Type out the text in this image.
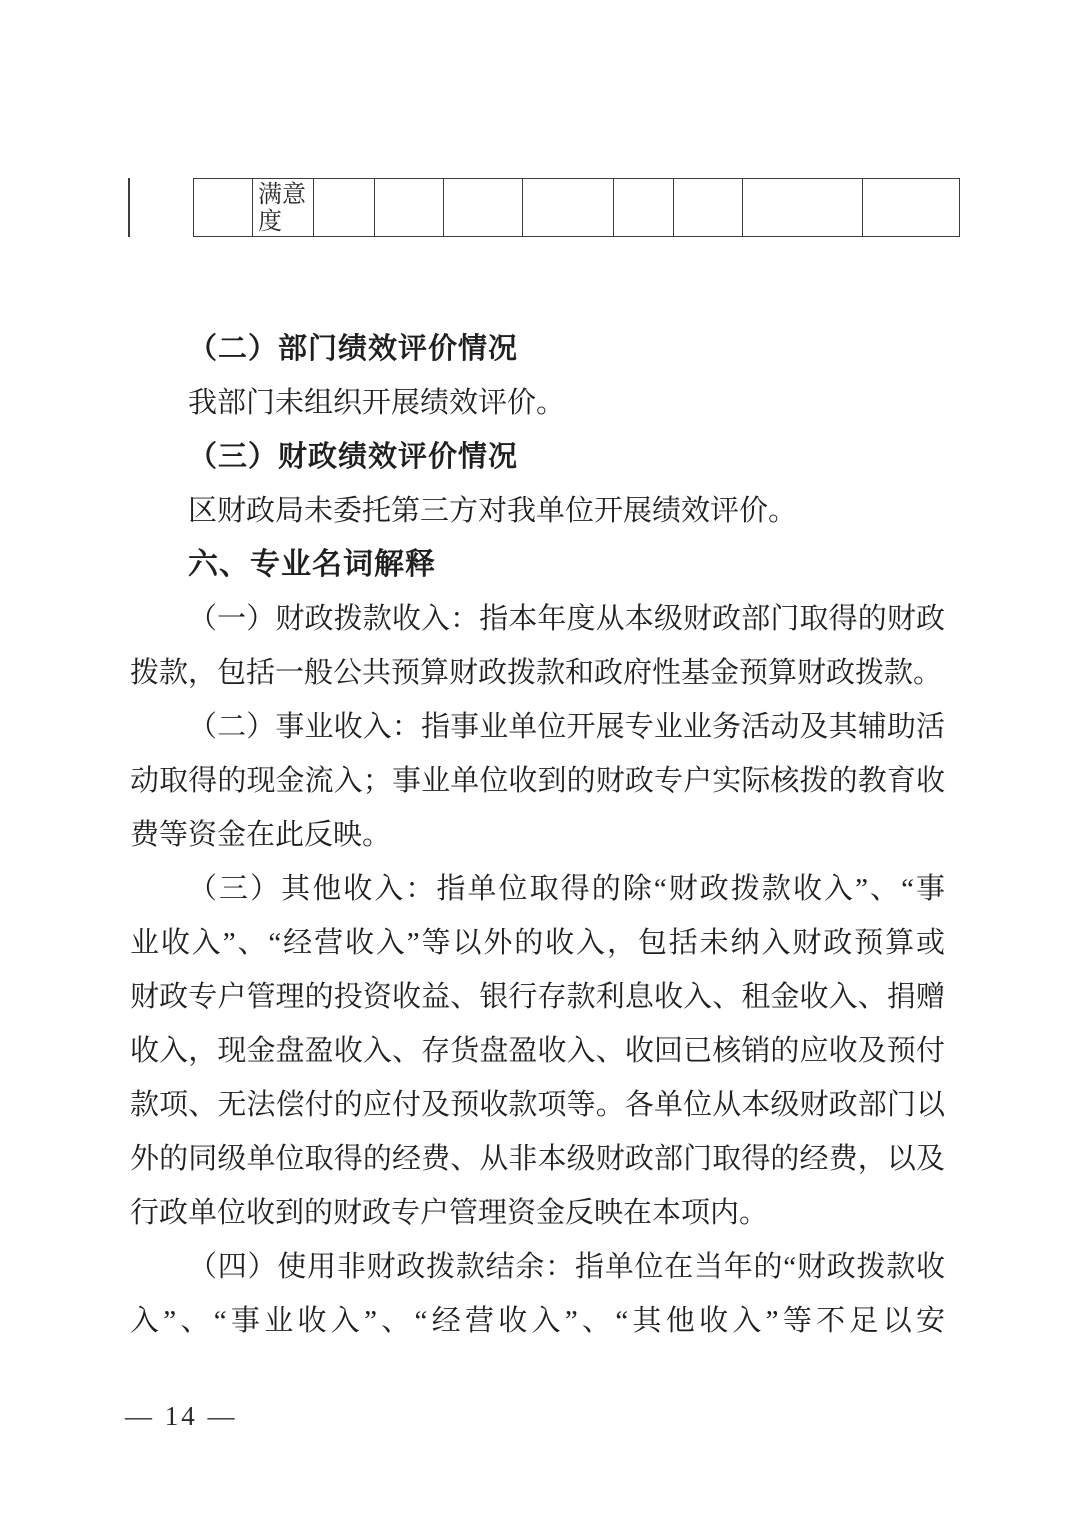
满意度
（二）部门绩效评价情况
我部门未组织开展绩效评价。
（三）财政绩效评价情况
区财政局未委托第三方对我单位开展绩效评价。
六、专业名词解释
（一）财政拨款收入：指本年度从本级财政部门取得的财政
拨款，包括一般公共预算财政拨款和政府性基金预算财政拨款。
（二）事业收入：指事业单位开展专业业务活动及其辅助活
动取得的现金流入；事业单位收到的财政专户实际核拨的教育收
费等资金在此反映。
（三）其他收入：指单位取得的除“财政拨款收入”、“事
业收入”、“经营收入”等以外的收入，包括未纳入财政预算或
财政专户管理的投资收益、银行存款利息收入、租金收入、捐赠
收入，现金盘盈收入、存货盘盈收入、收回已核销的应收及预付
款项、无法偿付的应付及预收款项等。各单位从本级财政部门以
外的同级单位取得的经费、从非本级财政部门取得的经费，以及
行政单位收到的财政专户管理资金反映在本项内。
（四）使用非财政拨款结余：指单位在当年的“财政拨款收
入”、“事业收入”、“经营收入”、“其他收入”等不足以安
— 14 —
